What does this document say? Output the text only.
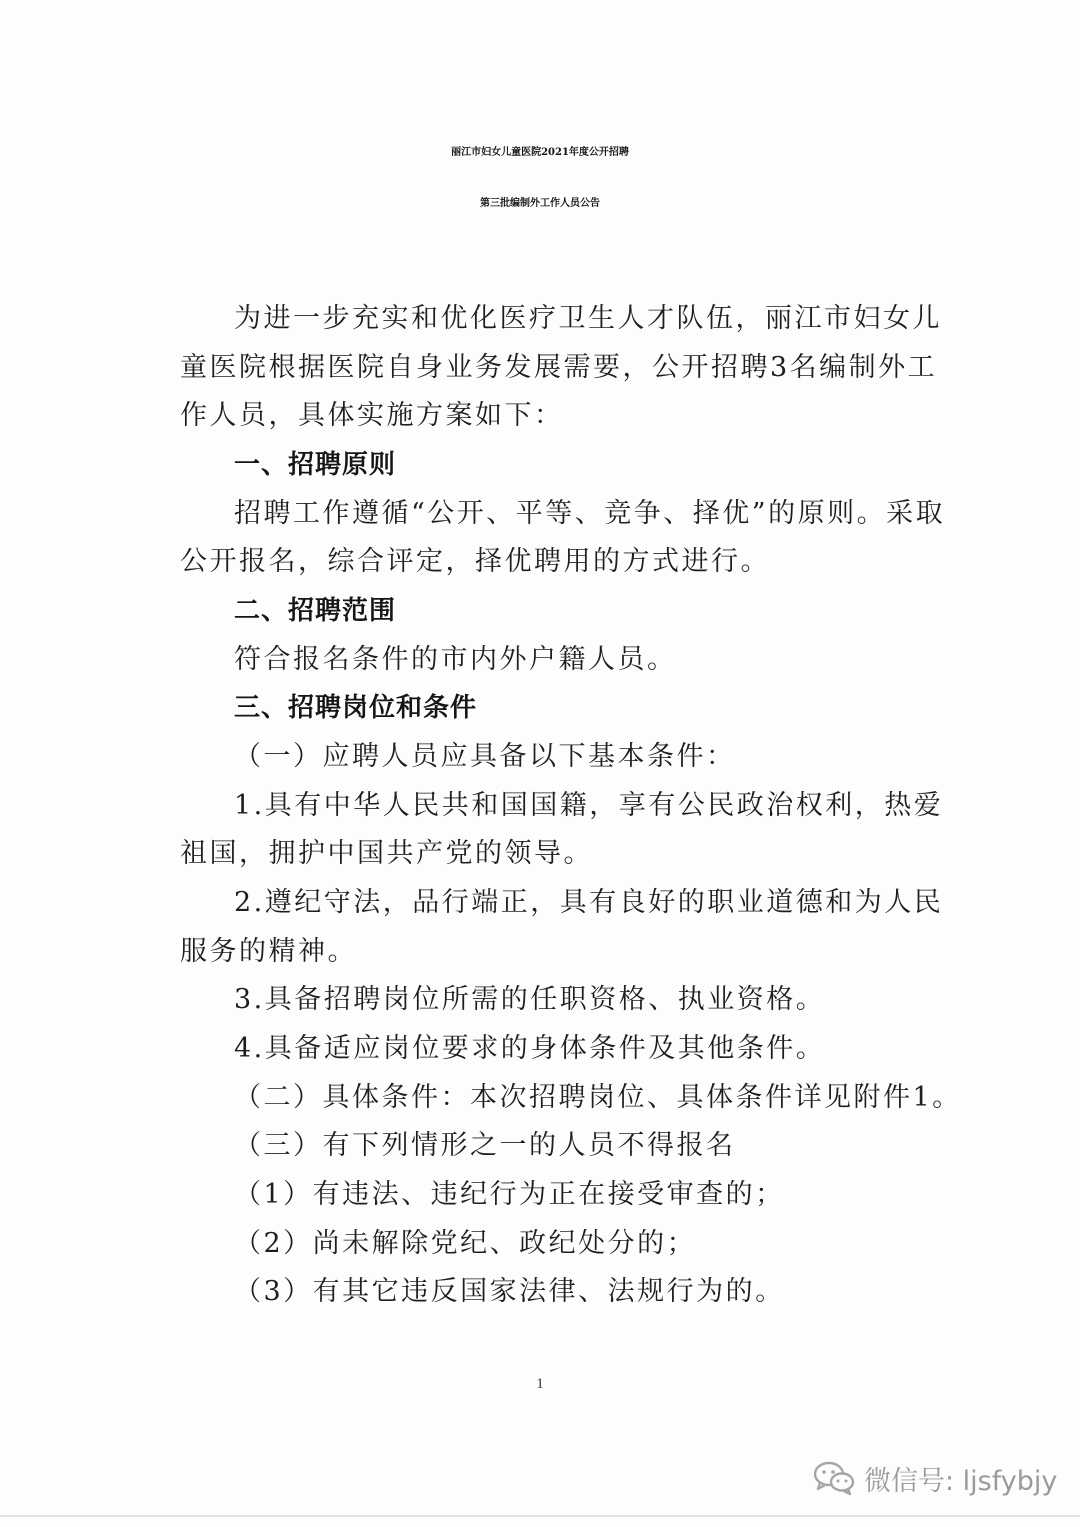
丽江市妇女儿童医院2021年度公开招聘
第三批编制外工作人员公告
为进一步充实和优化医疗卫生人才队伍，丽江市妇女儿
童医院根据医院自身业务发展需要，公开招聘3名编制外工
作人员，具体实施方案如下：
一、招聘原则
招聘工作遵循“公开、平等、竞争、择优”的原则。采取
公开报名，综合评定，择优聘用的方式进行。
二、招聘范围
符合报名条件的市内外户籍人员。
三、招聘岗位和条件
（一）应聘人员应具备以下基本条件：
1.具有中华人民共和国国籍，享有公民政治权利，热爱
祖国，拥护中国共产党的领导。
2.遵纪守法，品行端正，具有良好的职业道德和为人民
服务的精神。
3.具备招聘岗位所需的任职资格、执业资格。
4.具备适应岗位要求的身体条件及其他条件。
（二）具体条件：本次招聘岗位、具体条件详见附件1。
（三）有下列情形之一的人员不得报名
（1）有违法、违纪行为正在接受审查的；
（2）尚未解除党纪、政纪处分的；
（3）有其它违反国家法律、法规行为的。
1
微信号: ljsfybjy
